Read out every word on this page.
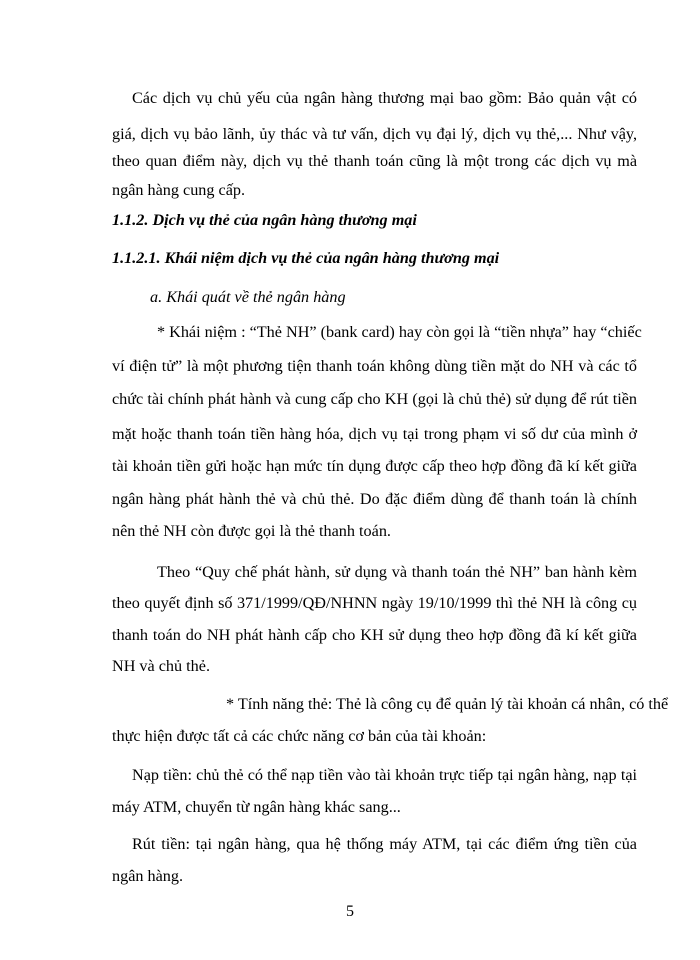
Các dịch vụ chủ yếu của ngân hàng thương mại bao gồm: Bảo quản vật có
giá, dịch vụ bảo lãnh, ủy thác và tư vấn, dịch vụ đại lý, dịch vụ thẻ,... Như vậy,
theo quan điểm này, dịch vụ thẻ thanh toán cũng là một trong các dịch vụ mà
ngân hàng cung cấp.
1.1.2. Dịch vụ thẻ của ngân hàng thương mại
1.1.2.1. Khái niệm dịch vụ thẻ của ngân hàng thương mại
a. Khái quát về thẻ ngân hàng
* Khái niệm : “Thẻ NH” (bank card) hay còn gọi là “tiền nhựa” hay “chiếc
ví điện tử” là một phương tiện thanh toán không dùng tiền mặt do NH và các tổ
chức tài chính phát hành và cung cấp cho KH (gọi là chủ thẻ) sử dụng để rút tiền
mặt hoặc thanh toán tiền hàng hóa, dịch vụ tại trong phạm vi số dư của mình ở
tài khoản tiền gửi hoặc hạn mức tín dụng được cấp theo hợp đồng đã kí kết giữa
ngân hàng phát hành thẻ và chủ thẻ. Do đặc điểm dùng để thanh toán là chính
nên thẻ NH còn được gọi là thẻ thanh toán.
Theo “Quy chế phát hành, sử dụng và thanh toán thẻ NH” ban hành kèm
theo quyết định số 371/1999/QĐ/NHNN ngày 19/10/1999 thì thẻ NH là công cụ
thanh toán do NH phát hành cấp cho KH sử dụng theo hợp đồng đã kí kết giữa
NH và chủ thẻ.
* Tính năng thẻ: Thẻ là công cụ để quản lý tài khoản cá nhân, có thể
thực hiện được tất cả các chức năng cơ bản của tài khoản:
Nạp tiền: chủ thẻ có thể nạp tiền vào tài khoản trực tiếp tại ngân hàng, nạp tại
máy ATM, chuyển từ ngân hàng khác sang...
Rút tiền: tại ngân hàng, qua hệ thống máy ATM, tại các điểm ứng tiền của
ngân hàng.
5
